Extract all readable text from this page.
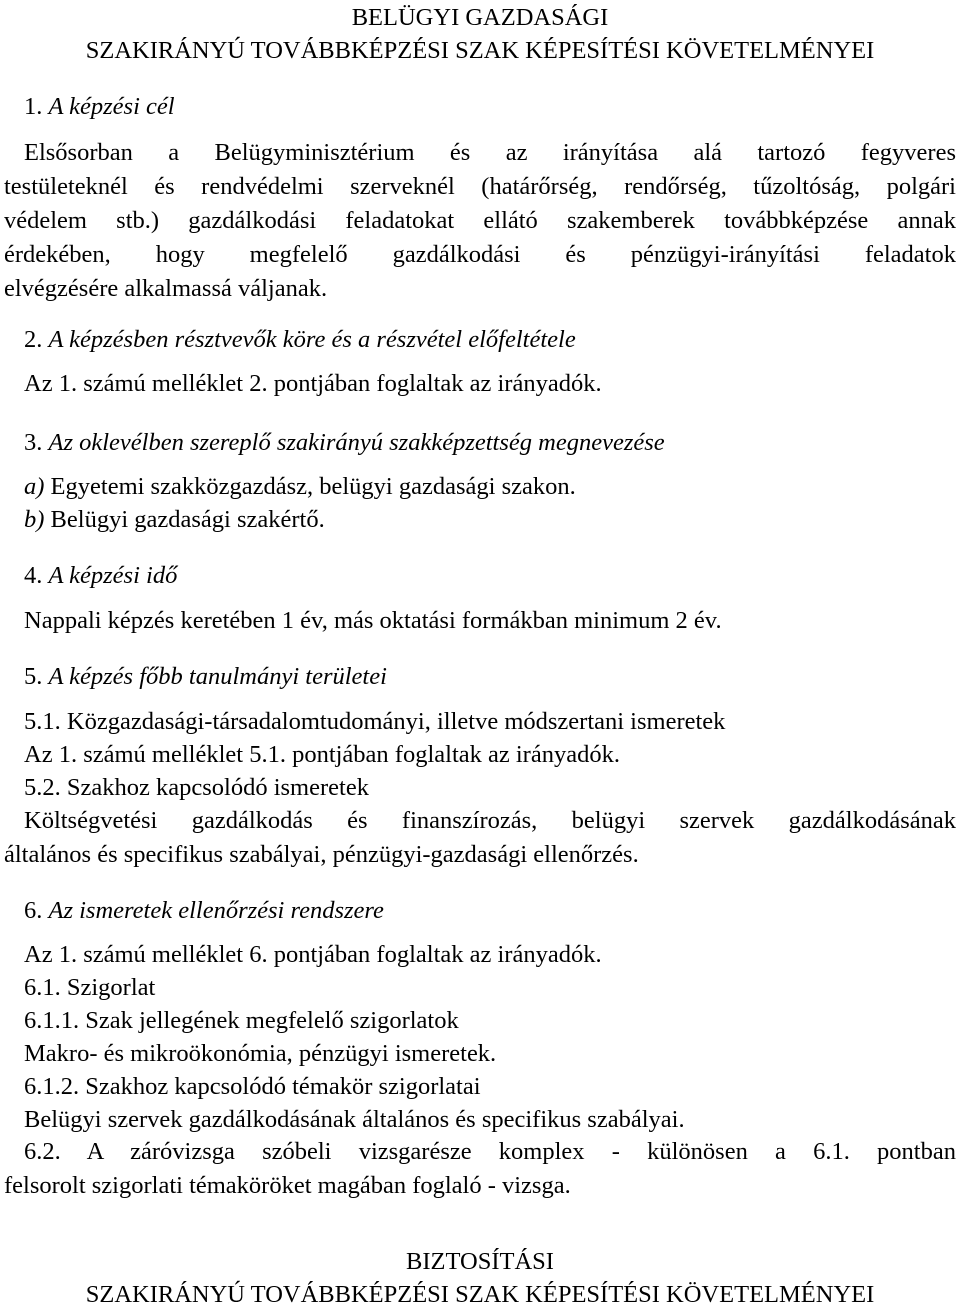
BELÜGYI GAZDASÁGI
SZAKIRÁNYÚ TOVÁBBKÉPZÉSI SZAK KÉPESÍTÉSI KÖVETELMÉNYEI
1. A képzési cél
Elsősorban a Belügyminisztérium és az irányítása alá tartozó fegyveres
testületeknél és rendvédelmi szerveknél (határőrség, rendőrség, tűzoltóság, polgári
védelem stb.) gazdálkodási feladatokat ellátó szakemberek továbbképzése annak
érdekében, hogy megfelelő gazdálkodási és pénzügyi-irányítási feladatok
elvégzésére alkalmassá váljanak.
2. A képzésben résztvevők köre és a részvétel előfeltétele
Az 1. számú melléklet 2. pontjában foglaltak az irányadók.
3. Az oklevélben szereplő szakirányú szakképzettség megnevezése
a) Egyetemi szakközgazdász, belügyi gazdasági szakon.
b) Belügyi gazdasági szakértő.
4. A képzési idő
Nappali képzés keretében 1 év, más oktatási formákban minimum 2 év.
5. A képzés főbb tanulmányi területei
5.1. Közgazdasági-társadalomtudományi, illetve módszertani ismeretek
Az 1. számú melléklet 5.1. pontjában foglaltak az irányadók.
5.2. Szakhoz kapcsolódó ismeretek
Költségvetési gazdálkodás és finanszírozás, belügyi szervek gazdálkodásának
általános és specifikus szabályai, pénzügyi-gazdasági ellenőrzés.
6. Az ismeretek ellenőrzési rendszere
Az 1. számú melléklet 6. pontjában foglaltak az irányadók.
6.1. Szigorlat
6.1.1. Szak jellegének megfelelő szigorlatok
Makro- és mikroökonómia, pénzügyi ismeretek.
6.1.2. Szakhoz kapcsolódó témakör szigorlatai
Belügyi szervek gazdálkodásának általános és specifikus szabályai.
6.2. A záróvizsga szóbeli vizsgarésze komplex - különösen a 6.1. pontban
felsorolt szigorlati témaköröket magában foglaló - vizsga.
BIZTOSÍTÁSI
SZAKIRÁNYÚ TOVÁBBKÉPZÉSI SZAK KÉPESÍTÉSI KÖVETELMÉNYEI
